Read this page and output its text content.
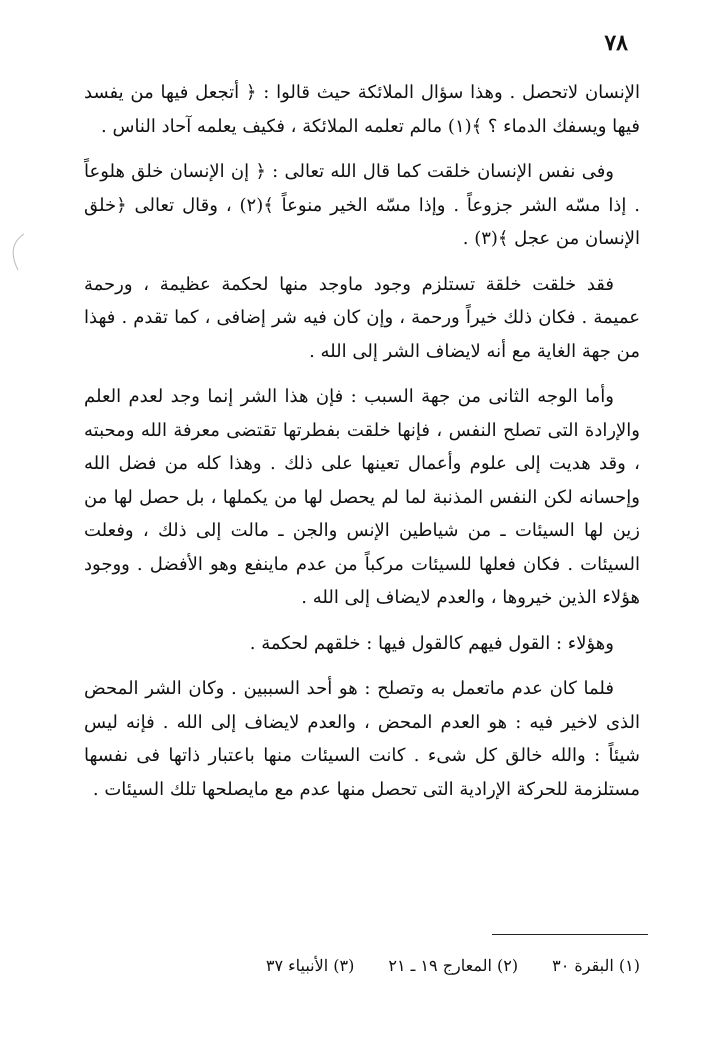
٧٨

الإنسان لاتحصل . وهذا سؤال الملائكة حيث قالوا : ﴿ أتجعل فيها من يفسد فيها ويسفك الدماء ؟ ﴾(١) مالم تعلمه الملائكة ، فكيف يعلمه آحاد الناس .

وفى نفس الإنسان خلقت كما قال الله تعالى : ﴿ إن الإنسان خلق هلوعاً . إذا مسّه الشر جزوعاً . وإذا مسّه الخير منوعاً ﴾(٢) ، وقال تعالى ﴿خلق الإنسان من عجل ﴾(٣) .

فقد خلقت خلقة تستلزم وجود ماوجد منها لحكمة عظيمة ، ورحمة عميمة . فكان ذلك خيراً ورحمة ، وإن كان فيه شر إضافى ، كما تقدم . فهذا من جهة الغاية مع أنه لايضاف الشر إلى الله .

وأما الوجه الثانى من جهة السبب : فإن هذا الشر إنما وجد لعدم العلم والإرادة التى تصلح النفس ، فإنها خلقت بفطرتها تقتضى معرفة الله ومحبته ، وقد هديت إلى علوم وأعمال تعينها على ذلك . وهذا كله من فضل الله وإحسانه لكن النفس المذنبة لما لم يحصل لها من يكملها ، بل حصل لها من زين لها السيئات ـ من شياطين الإنس والجن ـ مالت إلى ذلك ، وفعلت السيئات . فكان فعلها للسيئات مركباً من عدم ماينفع وهو الأفضل . ووجود هؤلاء الذين خيروها ، والعدم لايضاف إلى الله .

وهؤلاء : القول فيهم كالقول فيها : خلقهم لحكمة .

فلما كان عدم ماتعمل به وتصلح : هو أحد السببين . وكان الشر المحض الذى لاخير فيه : هو العدم المحض ، والعدم لايضاف إلى الله . فإنه ليس شيئاً : والله خالق كل شىء . كانت السيئات منها باعتبار ذاتها فى نفسها مستلزمة للحركة الإرادية التى تحصل منها عدم مع مايصلحها تلك السيئات .

(١) البقرة ٣٠
(٢) المعارج ١٩ ـ ٢١
(٣) الأنبياء ٣٧
